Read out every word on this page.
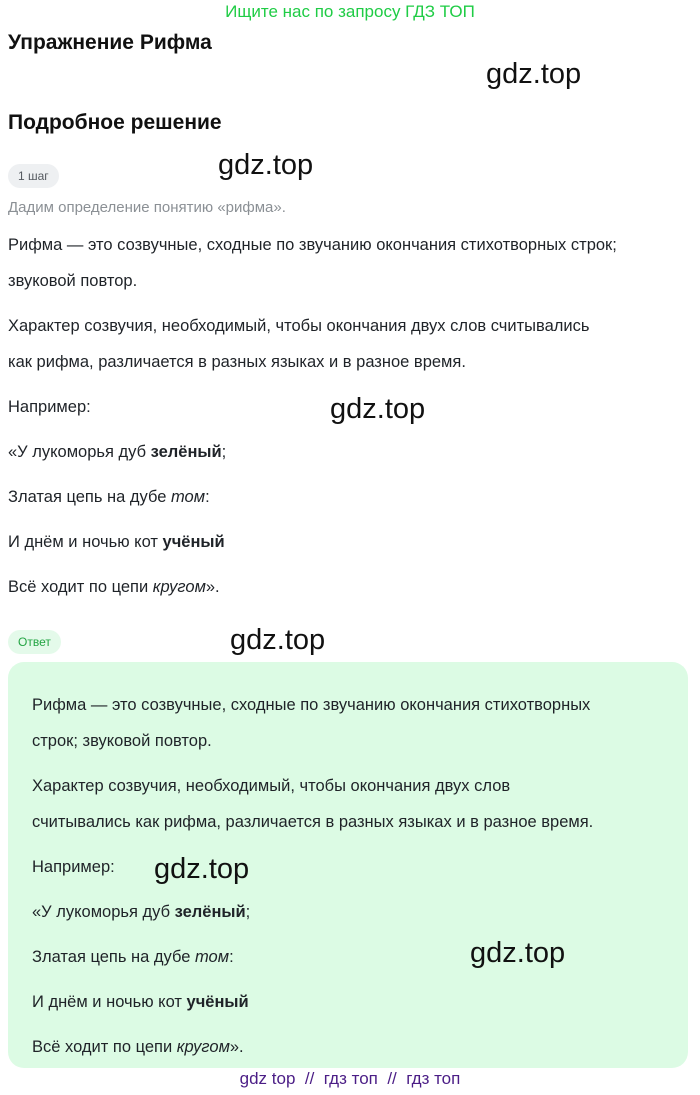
Ищите нас по запросу ГДЗ ТОП
Упражнение Рифма
gdz.top
Подробное решение
1 шаг	gdz.top
Дадим определение понятию «рифма».
Рифма — это созвучные, сходные по звучанию окончания стихотворных строк;
звуковой повтор.
Характер созвучия, необходимый, чтобы окончания двух слов считывались
как рифма, различается в разных языках и в разное время.
Например:	gdz.top
«У лукоморья дуб зелёный;
Златая цепь на дубе том:
И днём и ночью кот учёный
Всё ходит по цепи кругом».
Ответ	gdz.top
Рифма — это созвучные, сходные по звучанию окончания стихотворных
строк; звуковой повтор.
Характер созвучия, необходимый, чтобы окончания двух слов
считывались как рифма, различается в разных языках и в разное время.
Например: gdz.top
«У лукоморья дуб зелёный;
Златая цепь на дубе том:	gdz.top
И днём и ночью кот учёный
Всё ходит по цепи кругом».
gdz top  //  гдз топ  //  гдз топ
